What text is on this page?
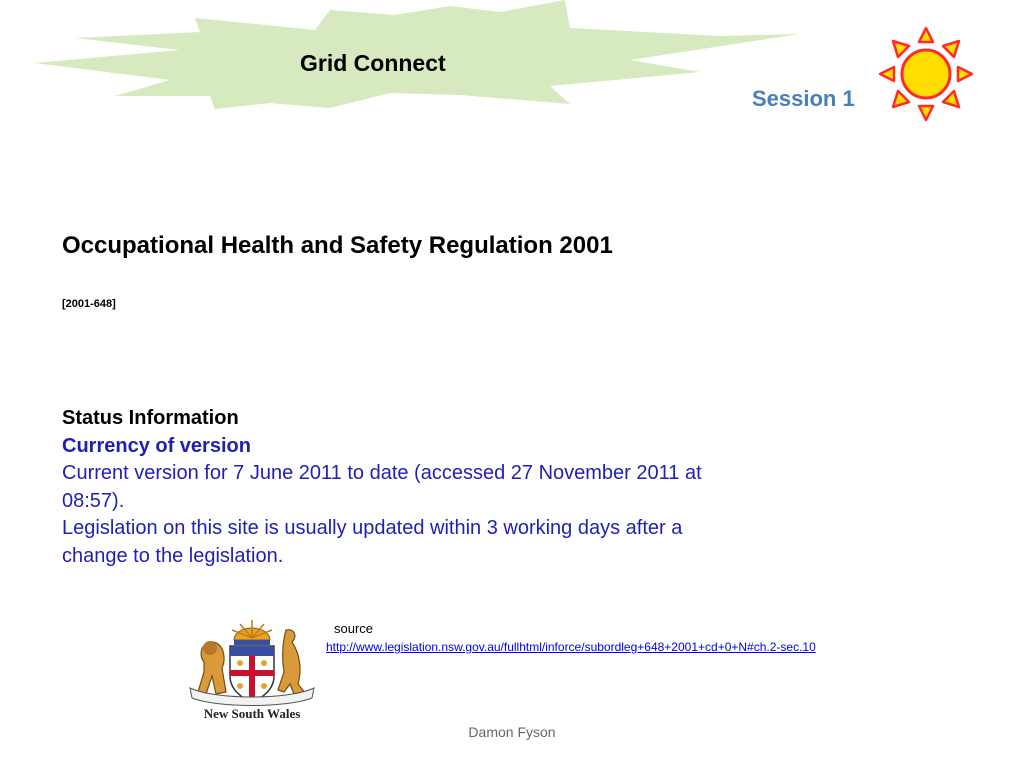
Grid Connect
Session 1
Occupational Health and Safety Regulation 2001
[2001-648]
Status Information
Currency of version
Current version for 7 June 2011 to date (accessed 27 November 2011 at 08:57).
Legislation on this site is usually updated within 3 working days after a change to the legislation.
New South Wales
source
http://www.legislation.nsw.gov.au/fullhtml/inforce/subordleg+648+2001+cd+0+N#ch.2-sec.10
Damon Fyson
